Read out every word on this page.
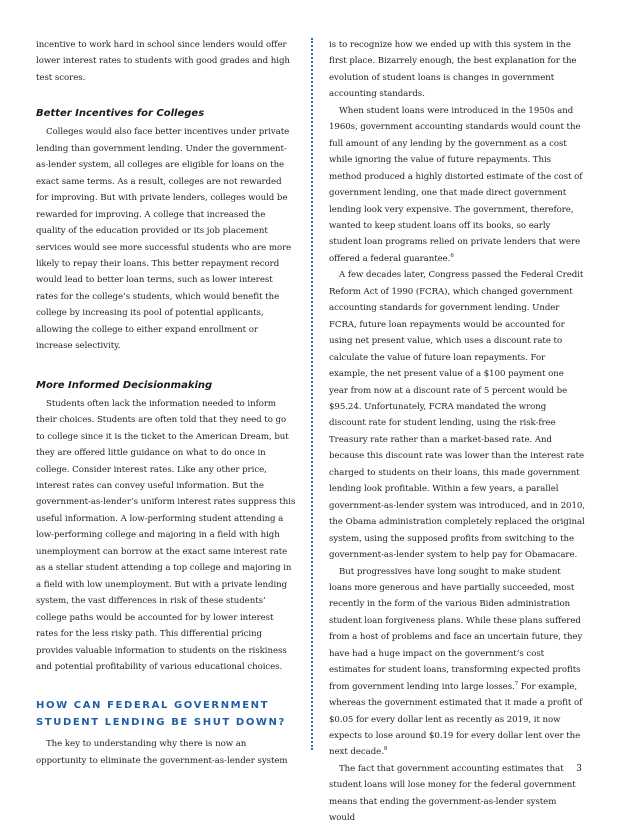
incentive to work hard in school since lenders would offer lower interest rates to students with good grades and high test scores.

Better Incentives for Colleges

Colleges would also face better incentives under private lending than government lending. Under the government-as-lender system, all colleges are eligible for loans on the exact same terms. As a result, colleges are not rewarded for improving. But with private lenders, colleges would be rewarded for improving. A college that increased the quality of the education provided or its job placement services would see more successful students who are more likely to repay their loans. This better repayment record would lead to better loan terms, such as lower interest rates for the college’s students, which would benefit the college by increasing its pool of potential applicants, allowing the college to either expand enrollment or increase selectivity.

More Informed Decisionmaking

Students often lack the information needed to inform their choices. Students are often told that they need to go to college since it is the ticket to the American Dream, but they are offered little guidance on what to do once in college. Consider interest rates. Like any other price, interest rates can convey useful information. But the government-as-lender’s uniform interest rates suppress this useful information. A low-performing student attending a low-performing college and majoring in a field with high unemployment can borrow at the exact same interest rate as a stellar student attending a top college and majoring in a field with low unemployment. But with a private lending system, the vast differences in risk of these students’ college paths would be accounted for by lower interest rates for the less risky path. This differential pricing provides valuable information to students on the riskiness and potential profitability of various educational choices.

HOW CAN FEDERAL GOVERNMENT STUDENT LENDING BE SHUT DOWN?

The key to understanding why there is now an opportunity to eliminate the government-as-lender system

is to recognize how we ended up with this system in the first place. Bizarrely enough, the best explanation for the evolution of student loans is changes in government accounting standards.

When student loans were introduced in the 1950s and 1960s, government accounting standards would count the full amount of any lending by the government as a cost while ignoring the value of future repayments. This method produced a highly distorted estimate of the cost of government lending, one that made direct government lending look very expensive. The government, therefore, wanted to keep student loans off its books, so early student loan programs relied on private lenders that were offered a federal guarantee.$^6$

A few decades later, Congress passed the Federal Credit Reform Act of 1990 (FCRA), which changed government accounting standards for government lending. Under FCRA, future loan repayments would be accounted for using net present value, which uses a discount rate to calculate the value of future loan repayments. For example, the net present value of a $100 payment one year from now at a discount rate of 5 percent would be $95.24. Unfortunately, FCRA mandated the wrong discount rate for student lending, using the risk-free Treasury rate rather than a market-based rate. And because this discount rate was lower than the interest rate charged to students on their loans, this made government lending look profitable. Within a few years, a parallel government-as-lender system was introduced, and in 2010, the Obama administration completely replaced the original system, using the supposed profits from switching to the government-as-lender system to help pay for Obamacare.

But progressives have long sought to make student loans more generous and have partially succeeded, most recently in the form of the various Biden administration student loan forgiveness plans. While these plans suffered from a host of problems and face an uncertain future, they have had a huge impact on the government’s cost estimates for student loans, transforming expected profits from government lending into large losses.$^7$ For example, whereas the government estimated that it made a profit of $0.05 for every dollar lent as recently as 2019, it now expects to lose around $0.19 for every dollar lent over the next decade.$^8$

The fact that government accounting estimates that student loans will lose money for the federal government means that ending the government-as-lender system would

3
